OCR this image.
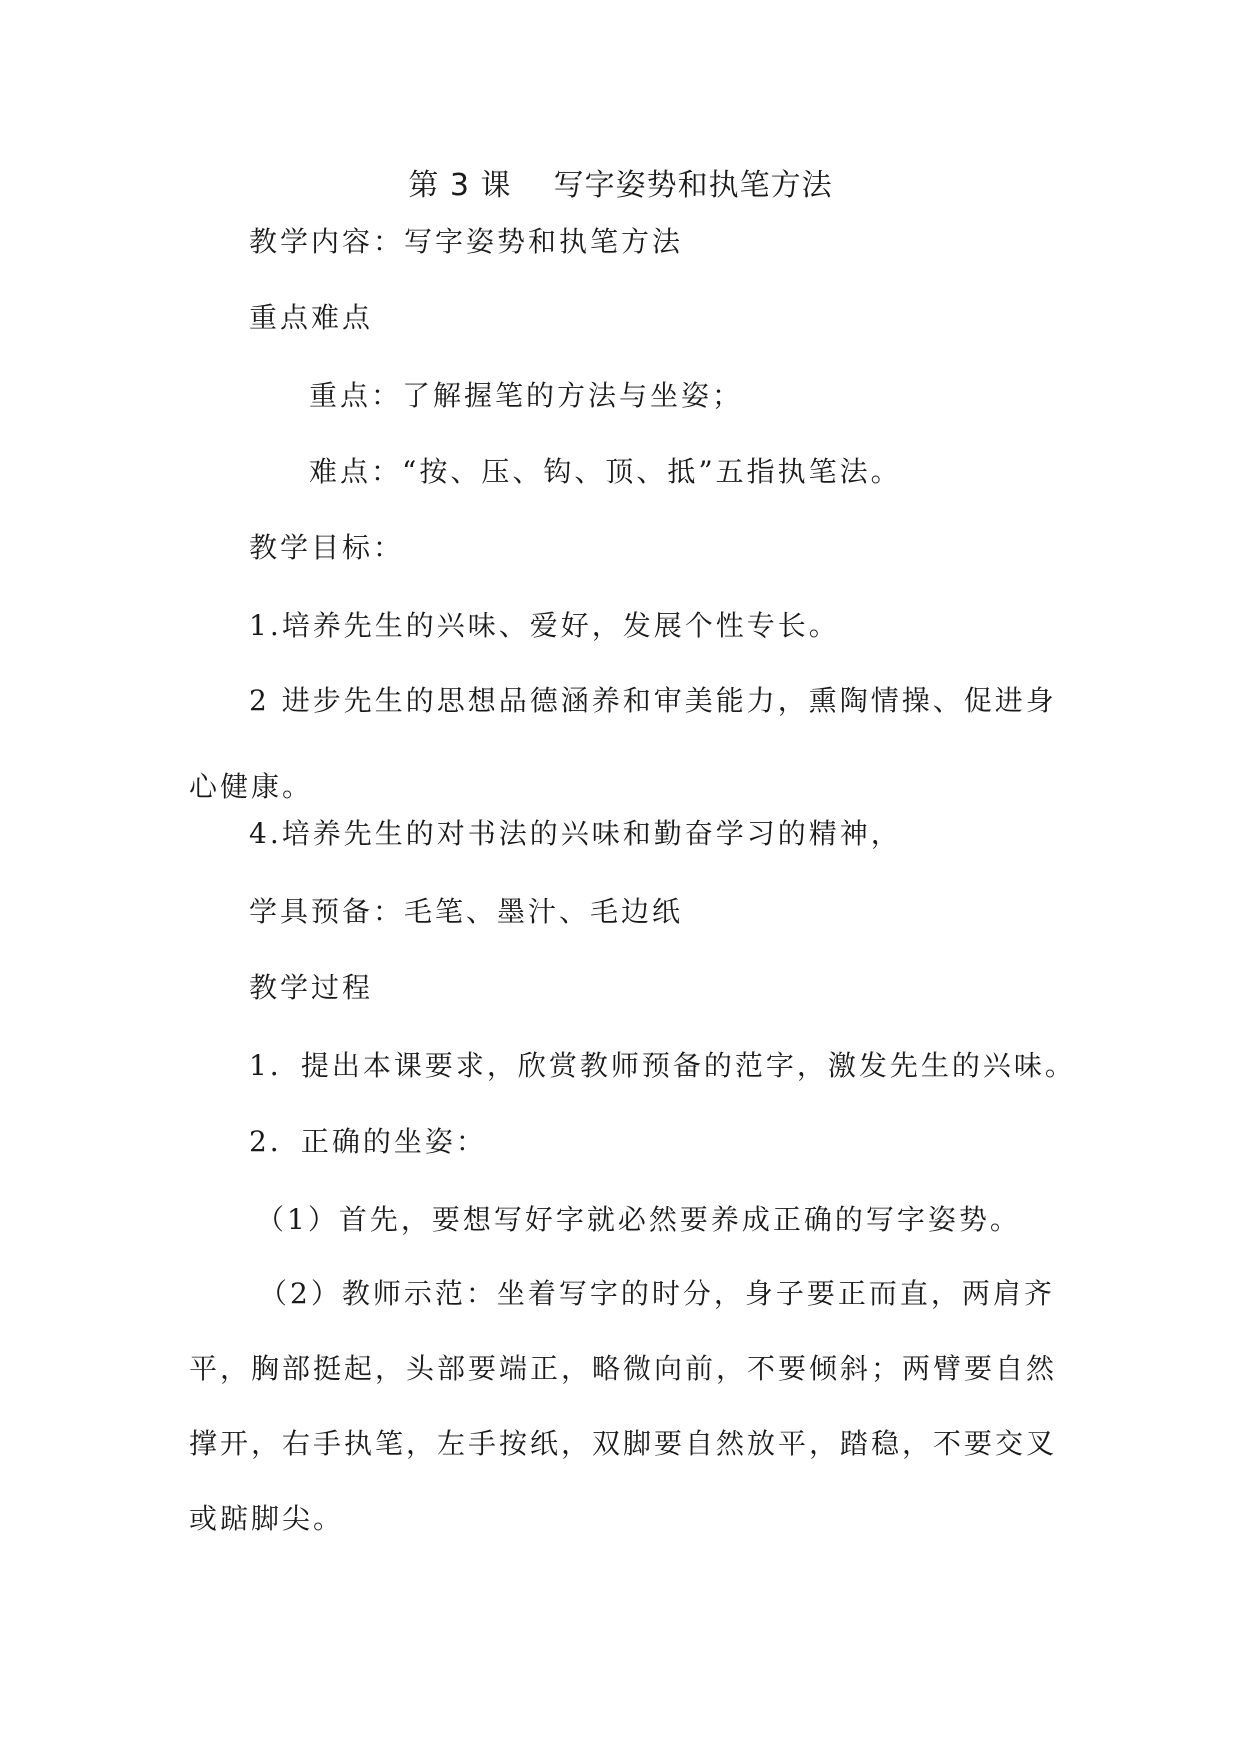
第 3 课    写字姿势和执笔方法
教学内容：写字姿势和执笔方法
重点难点
重点：了解握笔的方法与坐姿；
难点：“按、压、钩、顶、抵”五指执笔法。
教学目标：
1.培养先生的兴味、爱好，发展个性专长。
2 进步先生的思想品德涵养和审美能力，熏陶情操、促进身心健康。
4.培养先生的对书法的兴味和勤奋学习的精神，
学具预备：毛笔、墨汁、毛边纸
教学过程
1．提出本课要求，欣赏教师预备的范字，激发先生的兴味。
2．正确的坐姿：
（1）首先，要想写好字就必然要养成正确的写字姿势。
（2）教师示范：坐着写字的时分，身子要正而直，两肩齐平，胸部挺起，头部要端正，略微向前，不要倾斜；两臂要自然撑开，右手执笔，左手按纸，双脚要自然放平，踏稳，不要交叉或踮脚尖。
